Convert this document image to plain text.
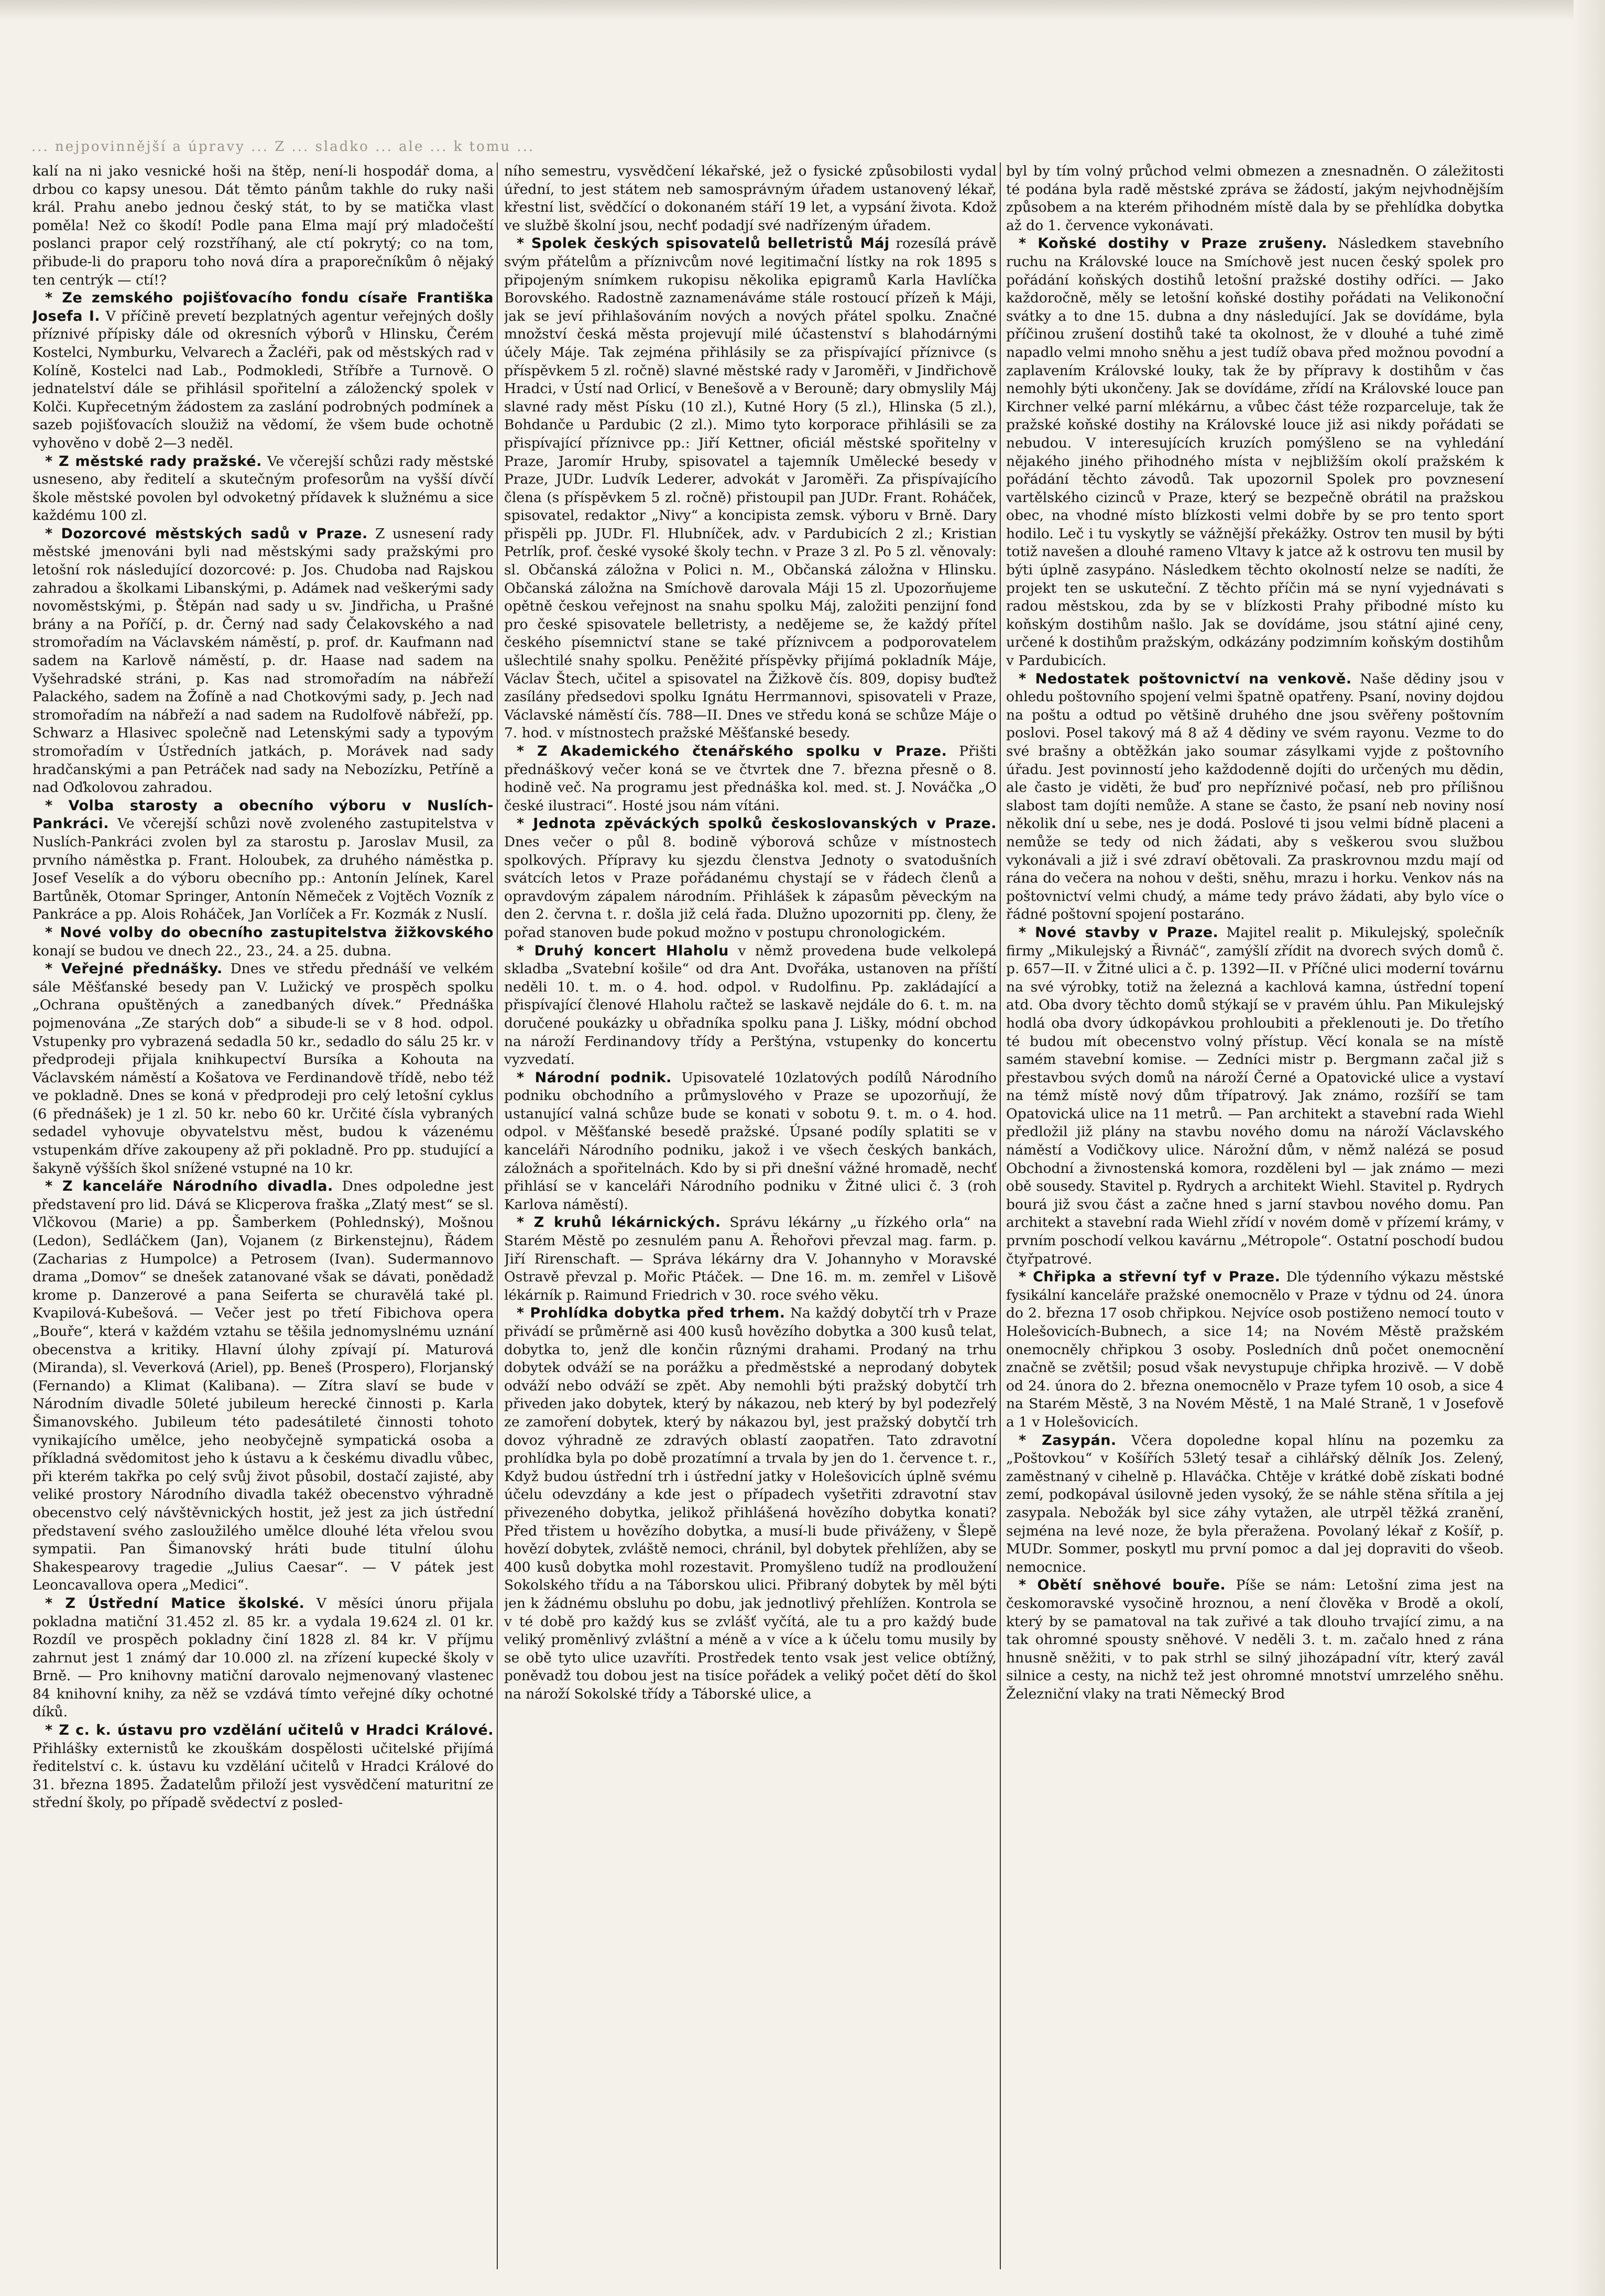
... nejpovinnější a úpravy ... Z ... sladko ... ale ... k tomu ...

kalí na ni jako vesnické hoši na štěp, není-li hospodář doma, a drbou co kapsy unesou. Dát těmto pánům takhle do ruky naši král. Prahu anebo jednou český stát, to by se matička vlast poměla! Než co škodí! Podle pana Elma mají prý mladočeští poslanci prapor celý rozstříhaný, ale ctí pokrytý; co na tom, přibude-li do praporu toho nová díra a praporečníkům ô nějaký ten centrýk — ctí!?

* Ze zemského pojišťovacího fondu císaře Františka Josefa I. V příčině prevetí bezplatných agentur veřejných došly příznivé přípisky dále od okresních výborů v Hlinsku, Čerém Kostelci, Nymburku, Velvarech a Žacléři, pak od městských rad v Kolíně, Kostelci nad Lab., Podmokledi, Stříbře a Turnově. O jednatelství dále se přihlásil spořitelní a záložencký spolek v Kolči. Kupřecetným žádostem za zaslání podrobných podmínek a sazeb pojišťovacích sloužiž na vědomí, že všem bude ochotně vyhověno v době 2—3 neděl.

* Z městské rady pražské. Ve včerejší schůzi rady městské usneseno, aby ředitelí a skutečným profesorům na vyšší dívčí škole městské povolen byl odvoketný přídavek k služnému a sice každému 100 zl.

* Dozorcové městských sadů v Praze. Z usnesení rady městské jmenováni byli nad městskými sady pražskými pro letošní rok následující dozorcové: p. Jos. Chudoba nad Rajskou zahradou a školkami Libanskými, p. Adámek nad veškerými sady novoměstskými, p. Štěpán nad sady u sv. Jindřicha, u Prašné brány a na Poříčí, p. dr. Černý nad sady Čelakovského a nad stromořadím na Václavském náměstí, p. prof. dr. Kaufmann nad sadem na Karlově náměstí, p. dr. Haase nad sadem na Vyšehradské stráni, p. Kas nad stromořadím na nábřeží Palackého, sadem na Žofíně a nad Chotkovými sady, p. Jech nad stromořadím na nábřeží a nad sadem na Rudolfově nábřeží, pp. Schwarz a Hlasivec společně nad Letenskými sady a typovým stromořadím v Ústředních jatkách, p. Morávek nad sady hradčanskými a pan Petráček nad sady na Nebozízku, Petříně a nad Oďkolovou zahradou.

* Volba starosty a obecního výboru v Nuslích-Pankráci. Ve včerejší schůzi nově zvoleného zastupitelstva v Nuslích-Pankráci zvolen byl za starostu p. Jaroslav Musil, za prvního náměstka p. Frant. Holoubek, za druhého náměstka p. Josef Veselík a do výboru obecního pp.: Antonín Jelínek, Karel Bartůněk, Otomar Springer, Antonín Němeček z Vojtěch Vozník z Pankráce a pp. Alois Roháček, Jan Vorlíček a Fr. Kozmák z Nuslí.

* Nové volby do obecního zastupitelstva žižkovského konají se budou ve dnech 22., 23., 24. a 25. dubna.

* Veřejné přednášky. Dnes ve středu přednáší ve velkém sále Měšťanské besedy pan V. Lužický ve prospěch spolku „Ochrana opuštěných a zanedbaných dívek.“ Přednáška pojmenována „Ze starých dob“ a sibude-li se v 8 hod. odpol. Vstupenky pro vybrazená sedadla 50 kr., sedadlo do sálu 25 kr. v předprodeji přijala knihkupectví Bursíka a Kohouta na Václavském náměstí a Košatova ve Ferdinandově třídě, nebo též ve pokladně. Dnes se koná v předprodeji pro celý letošní cyklus (6 přednášek) je 1 zl. 50 kr. nebo 60 kr. Určité čísla vybraných sedadel vyhovuje obyvatelstvu měst, budou k vázenému vstupenkám dříve zakoupeny až při pokladně. Pro pp. studující a šakyně výšších škol snížené vstupné na 10 kr.

* Z kanceláře Národního divadla. Dnes odpoledne jest představení pro lid. Dává se Klicperova fraška „Zlatý mest“ se sl. Vlčkovou (Marie) a pp. Šamberkem (Pohlednský), Mošnou (Ledon), Sedláčkem (Jan), Vojanem (z Birkenstejnu), Řádem (Zacharias z Humpolce) a Petrosem (Ivan). Sudermannovo drama „Domov“ se dnešek zatanované však se dávati, ponědadž krome p. Danzerové a pana Seiferta se churavělá také pl. Kvapilová-Kubešová. — Večer jest po třetí Fibichova opera „Bouře“, která v každém vztahu se těšila jednomyslnému uznání obecenstva a kritiky. Hlavní úlohy zpívají pí. Maturová (Miranda), sl. Veverková (Ariel), pp. Beneš (Prospero), Florjanský (Fernando) a Klimat (Kalibana). — Zítra slaví se bude v Národním divadle 50leté jubileum herecké činnosti p. Karla Šimanovského. Jubileum této padesátileté činnosti tohoto vynikajícího umělce, jeho neobyčejně sympatická osoba a příkladná svědomitost jeho k ústavu a k českému divadlu vůbec, při kterém takřka po celý svůj život působil, dostačí zajisté, aby veliké prostory Národního divadla takéž obecenstvo výhradně obecenstvo celý návštěvnických hostit, jež jest za jich ústřední představení svého zasloužilého umělce dlouhé léta vřelou svou sympatii. Pan Šimanovský hráti bude titulní úlohu Shakespearovy tragedie „Julius Caesar“. — V pátek jest Leoncavallova opera „Medici“.

* Z Ústřední Matice školské. V měsíci únoru přijala pokladna matiční 31.452 zl. 85 kr. a vydala 19.624 zl. 01 kr. Rozdíl ve prospěch pokladny činí 1828 zl. 84 kr. V příjmu zahrnut jest 1 známý dar 10.000 zl. na zřízení kupecké školy v Brně. — Pro knihovny matiční darovalo nejmenovaný vlastenec 84 knihovní knihy, za něž se vzdává tímto veřejné díky ochotné díků.

* Z c. k. ústavu pro vzdělání učitelů v Hradci Králové. Přihlášky externistů ke zkouškám dospělosti učitelské přijímá ředitelství c. k. ústavu ku vzdělání učitelů v Hradci Králové do 31. března 1895. Žadatelům přiloží jest vysvědčení maturitní ze střední školy, po případě svědectví z posled-

ního semestru, vysvědčení lékařské, jež o fysické způsobilosti vydal úřední, to jest státem neb samosprávným úřadem ustanovený lékař, křestní list, svědčící o dokonaném stáří 19 let, a vypsání života. Kdož ve službě školní jsou, nechť podadjí své nadřízeným úřadem.

* Spolek českých spisovatelů belletristů Máj rozesílá právě svým přátelům a příznivcům nové legitimační lístky na rok 1895 s připojeným snímkem rukopisu několika epigramů Karla Havlíčka Borovského. Radostně zaznamenáváme stále rostoucí přízeň k Máji, jak se jeví přihlašováním nových a nových přátel spolku. Značné množství česká města projevují milé účastenství s blahodárnými účely Máje. Tak zejména přihlásily se za přispívající příznivce (s příspěvkem 5 zl. ročně) slavné městské rady v Jaroměři, v Jindřichově Hradci, v Ústí nad Orlicí, v Benešově a v Berouně; dary obmyslily Máj slavné rady měst Písku (10 zl.), Kutné Hory (5 zl.), Hlinska (5 zl.), Bohdanče u Pardubic (2 zl.). Mimo tyto korporace přihlásili se za přispívající příznivce pp.: Jiří Kettner, oficiál městské spořitelny v Praze, Jaromír Hruby, spisovatel a tajemník Umělecké besedy v Praze, JUDr. Ludvík Lederer, advokát v Jaroměři. Za přispívajícího člena (s příspěvkem 5 zl. ročně) přistoupil pan JUDr. Frant. Roháček, spisovatel, redaktor „Nivy“ a koncipista zemsk. výboru v Brně. Dary přispěli pp. JUDr. Fl. Hlubníček, adv. v Pardubicích 2 zl.; Kristian Petrlík, prof. české vysoké školy techn. v Praze 3 zl. Po 5 zl. věnovaly: sl. Občanská záložna v Polici n. M., Občanská záložna v Hlinsku. Občanská záložna na Smíchově darovala Máji 15 zl. Upozorňujeme opětně českou veřejnost na snahu spolku Máj, založiti penzijní fond pro české spisovatele belletristy, a nedějeme se, že každý přítel českého písemnictví stane se také příznivcem a podporovatelem ušlechtilé snahy spolku. Peněžité příspěvky přijímá pokladník Máje, Václav Štech, učitel a spisovatel na Žižkově čís. 809, dopisy buďtež zasílány předsedovi spolku Ignátu Herrmannovi, spisovateli v Praze, Václavské náměstí čís. 788—II. Dnes ve středu koná se schůze Máje o 7. hod. v místnostech pražské Měšťanské besedy.

* Z Akademického čtenářského spolku v Praze. Přišti přednáškový večer koná se ve čtvrtek dne 7. března přesně o 8. hodině več. Na programu jest přednáška kol. med. st. J. Nováčka „O české ilustraci“. Hosté jsou nám vítáni.

* Jednota zpěváckých spolků českoslovanských v Praze. Dnes večer o půl 8. bodině výborová schůze v místnostech spolkových. Přípravy ku sjezdu členstva Jednoty o svatodušních svátcích letos v Praze pořádanému chystají se v řádech členů a opravdovým zápalem národním. Přihlášek k zápasům pěveckým na den 2. června t. r. došla již celá řada. Dlužno upozorniti pp. členy, že pořad stanoven bude pokud možno v postupu chronologickém.

* Druhý koncert Hlaholu v němž provedena bude velkolepá skladba „Svatební košile“ od dra Ant. Dvořáka, ustanoven na příští neděli 10. t. m. o 4. hod. odpol. v Rudolfinu. Pp. zakládající a přispívající členové Hlaholu račtež se laskavě nejdále do 6. t. m. na doručené poukázky u obřadníka spolku pana J. Lišky, módní obchod na nároží Ferdinandovy třídy a Perštýna, vstupenky do koncertu vyzvedatí.

* Národní podnik. Upisovatelé 10zlatových podílů Národního podniku obchodního a průmyslového v Praze se upozorňují, že ustanující valná schůze bude se konati v sobotu 9. t. m. o 4. hod. odpol. v Měšťanské besedě pražské. Úpsané podíly splatiti se v kanceláři Národního podniku, jakož i ve všech českých bankách, záložnách a spořitelnách. Kdo by si při dnešní vážné hromadě, nechť přihlásí se v kanceláři Národního podniku v Žitné ulici č. 3 (roh Karlova náměstí).

* Z kruhů lékárnických. Správu lékárny „u řízkého orla“ na Starém Městě po zesnulém panu A. Řehořovi převzal mag. farm. p. Jiří Rirenschaft. — Správa lékárny dra V. Johannyho v Moravské Ostravě převzal p. Mořic Ptáček. — Dne 16. m. m. zemřel v Lišově lékárník p. Raimund Friedrich v 30. roce svého věku.

* Prohlídka dobytka před trhem. Na každý dobytčí trh v Praze přivádí se průměrně asi 400 kusů hovězího dobytka a 300 kusů telat, dobytka to, jenž dle končin různými drahami. Prodaný na trhu dobytek odváží se na porážku a předměstské a neprodaný dobytek odváží nebo odváží se zpět. Aby nemohli býti pražský dobytčí trh přiveden jako dobytek, který by nákazou, neb který by byl podezřelý ze zamoření dobytek, který by nákazou byl, jest pražský dobytčí trh dovoz výhradně ze zdravých oblastí zaopatřen. Tato zdravotní prohlídka byla po době prozatímní a trvala by jen do 1. července t. r., Když budou ústřední trh i ústřední jatky v Holešovicích úplně svému účelu odevzdány a kde jest o případech vyšetřiti zdravotní stav přivezeného dobytka, jelikož přihlášená hovězího dobytka konati? Před třistem u hovězího dobytka, a musí-li bude přiváženy, v Šlepě hovězí dobytek, zvláště nemoci, chránil, byl dobytek přehlížen, aby se 400 kusů dobytka mohl rozestavit. Promyšleno tudíž na prodloužení Sokolského třídu a na Táborskou ulici. Přibraný dobytek by měl býti jen k žádnému obsluhu po dobu, jak jednotlivý přehlížen. Kontrola se v té době pro každý kus se zvlášť vyčítá, ale tu a pro každý bude veliký proměnlivý zvláštní a méně a v více a k účelu tomu musily by se obě tyto ulice uzavříti. Prostředek tento vsak jest velice obtížný, poněvadž tou dobou jest na tisíce pořádek a veliký počet dětí do škol na nároží Sokolské třídy a Táborské ulice, a

byl by tím volný průchod velmi obmezen a znesnadněn. O záležitosti té podána byla radě městské zpráva se žádostí, jakým nejvhodnějším způsobem a na kterém přihodném místě dala by se přehlídka dobytka až do 1. července vykonávati.

* Koňské dostihy v Praze zrušeny. Následkem stavebního ruchu na Královské louce na Smíchově jest nucen český spolek pro pořádání koňských dostihů letošní pražské dostihy odříci. — Jako každoročně, měly se letošní koňské dostihy pořádati na Velikonoční svátky a to dne 15. dubna a dny následující. Jak se dovídáme, byla příčinou zrušení dostihů také ta okolnost, že v dlouhé a tuhé zimě napadlo velmi mnoho sněhu a jest tudíž obava před možnou povodní a zaplavením Královské louky, tak že by přípravy k dostihům v čas nemohly býti ukončeny. Jak se dovídáme, zřídí na Královské louce pan Kirchner velké parní mlékárnu, a vůbec část téže rozparceluje, tak že pražské koňské dostihy na Královské louce již asi nikdy pořádati se nebudou. V interesujících kruzích pomýšleno se na vyhledání nějakého jiného přihodného místa v nejbližším okolí pražském k pořádání těchto závodů. Tak upozornil Spolek pro povznesení vartělského cizinců v Praze, který se bezpečně obrátil na pražskou obec, na vhodné místo blízkosti velmi dobře by se pro tento sport hodilo. Leč i tu vyskytly se vážnější překážky. Ostrov ten musil by býti totiž navešen a dlouhé rameno Vltavy k jatce až k ostrovu ten musil by býti úplně zasypáno. Následkem těchto okolností nelze se nadíti, že projekt ten se uskuteční. Z těchto příčin má se nyní vyjednávati s radou městskou, zda by se v blízkosti Prahy přibodné místo ku koňským dostihům našlo. Jak se dovídáme, jsou státní ajiné ceny, určené k dostihům pražským, odkázány podzimním koňským dostihům v Pardubicích.

* Nedostatek poštovnictví na venkově. Naše dědiny jsou v ohledu poštovního spojení velmi špatně opatřeny. Psaní, noviny dojdou na poštu a odtud po většině druhého dne jsou svěřeny poštovním poslovi. Posel takový má 8 až 4 dědiny ve svém rayonu. Vezme to do své brašny a obtěžkán jako soumar zásylkami vyjde z poštovního úřadu. Jest povinností jeho každodenně dojíti do určených mu dědin, ale často je viděti, že buď pro nepříznivé počasí, neb pro přílišnou slabost tam dojíti nemůže. A stane se často, že psaní neb noviny nosí několik dní u sebe, nes je dodá. Poslové ti jsou velmi bídně placeni a nemůže se tedy od nich žádati, aby s veškerou svou službou vykonávali a již i své zdraví obětovali. Za praskrovnou mzdu mají od rána do večera na nohou v dešti, sněhu, mrazu i horku. Venkov nás na poštovnictví velmi chudý, a máme tedy právo žádati, aby bylo více o řádné poštovní spojení postaráno.

* Nové stavby v Praze. Majitel realit p. Mikulejský, společník firmy „Mikulejský a Řivnáč“, zamýšlí zřídit na dvorech svých domů č. p. 657—II. v Žitné ulici a č. p. 1392—II. v Příčné ulici moderní továrnu na své výrobky, totiž na železná a kachlová kamna, ústřední topení atd. Oba dvory těchto domů stýkají se v pravém úhlu. Pan Mikulejský hodlá oba dvory údkopávkou prohloubiti a překlenouti je. Do třetího té budou mít obecenstvo volný přístup. Věcí konala se na místě samém stavební komise. — Zedníci mistr p. Bergmann začal již s přestavbou svých domů na nároží Černé a Opatovické ulice a vystaví na témž místě nový dům třípatrový. Jak známo, rozšíří se tam Opatovická ulice na 11 metrů. — Pan architekt a stavební rada Wiehl předložil již plány na stavbu nového domu na nároží Václavského náměstí a Vodičkovy ulice. Nárožní dům, v němž nalézá se posud Obchodní a živnostenská komora, rozděleni byl — jak známo — mezi obě sousedy. Stavitel p. Rydrych a architekt Wiehl. Stavitel p. Rydrych bourá již svou část a začne hned s jarní stavbou nového domu. Pan architekt a stavební rada Wiehl zřídí v novém domě v přízemí krámy, v prvním poschodí velkou kavárnu „Métropole“. Ostatní poschodí budou čtyřpatrové.

* Chřipka a střevní tyf v Praze. Dle týdenního výkazu městské fysikální kanceláře pražské onemocnělo v Praze v týdnu od 24. února do 2. března 17 osob chřipkou. Nejvíce osob postiženo nemocí touto v Holešovicích-Bubnech, a sice 14; na Novém Městě pražském onemocněly chřipkou 3 osoby. Posledních dnů počet onemocnění značně se zvětšil; posud však nevystupuje chřipka hrozivě. — V době od 24. února do 2. března onemocnělo v Praze tyfem 10 osob, a sice 4 na Starém Městě, 3 na Novém Městě, 1 na Malé Straně, 1 v Josefově a 1 v Holešovicích.

* Zasypán. Včera dopoledne kopal hlínu na pozemku za „Poštovkou“ v Košířích 53letý tesař a cihlářský dělník Jos. Zelený, zaměstnaný v cihelně p. Hlaváčka. Chtěje v krátké době získati bodné zemí, podkopával úsilovně jeden vysoký, že se náhle stěna sřítila a jej zasypala. Nebožák byl sice záhy vytažen, ale utrpěl těžká zranění, sejména na levé noze, že byla přeražena. Povolaný lékař z Košíř, p. MUDr. Sommer, poskytl mu první pomoc a dal jej dopraviti do všeob. nemocnice.

* Obětí sněhové bouře. Píše se nám: Letošní zima jest na českomoravské vysočině hroznou, a není člověka v Brodě a okolí, který by se pamatoval na tak zuřivé a tak dlouho trvající zimu, a na tak ohromné spousty sněhové. V neděli 3. t. m. začalo hned z rána hnusně sněžiti, v to pak strhl se silný jihozápadní vítr, který zavál silnice a cesty, na nichž tež jest ohromné mnotství umrzelého sněhu. Železniční vlaky na trati Německý Brod
